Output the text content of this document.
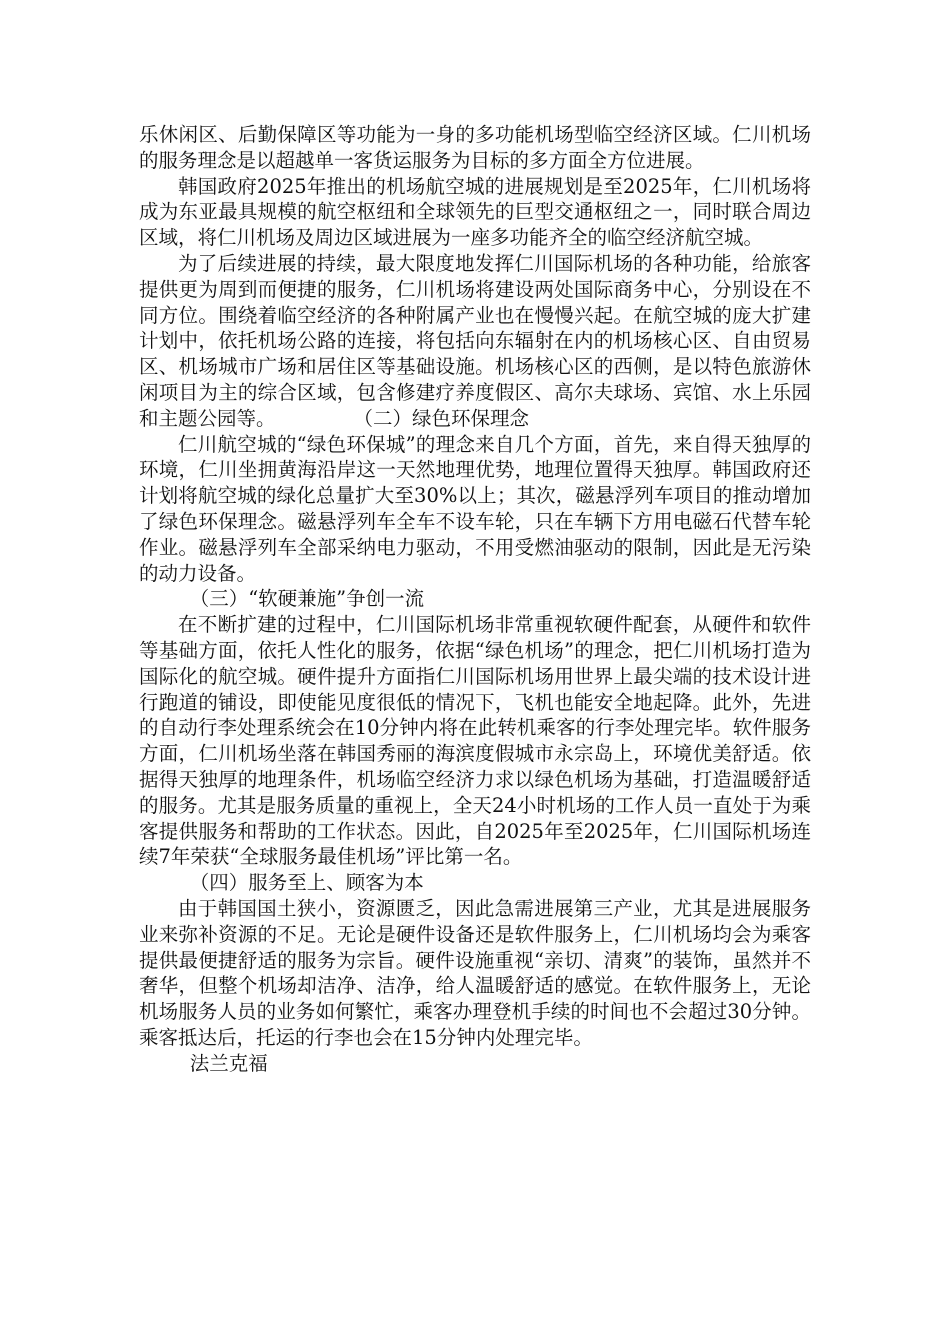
乐休闲区、后勤保障区等功能为一身的多功能机场型临空经济区域。仁川机场的服务理念是以超越单一客货运服务为目标的多方面全方位进展。

韩国政府2025年推出的机场航空城的进展规划是至2025年，仁川机场将成为东亚最具规模的航空枢纽和全球领先的巨型交通枢纽之一，同时联合周边区域，将仁川机场及周边区域进展为一座多功能齐全的临空经济航空城。

为了后续进展的持续，最大限度地发挥仁川国际机场的各种功能，给旅客提供更为周到而便捷的服务，仁川机场将建设两处国际商务中心，分别设在不同方位。围绕着临空经济的各种附属产业也在慢慢兴起。在航空城的庞大扩建计划中，依托机场公路的连接，将包括向东辐射在内的机场核心区、自由贸易区、机场城市广场和居住区等基础设施。机场核心区的西侧，是以特色旅游休闲项目为主的综合区域，包含修建疗养度假区、高尔夫球场、宾馆、水上乐园和主题公园等。	（二）绿色环保理念

仁川航空城的“绿色环保城”的理念来自几个方面，首先，来自得天独厚的环境，仁川坐拥黄海沿岸这一天然地理优势，地理位置得天独厚。韩国政府还计划将航空城的绿化总量扩大至30%以上；其次，磁悬浮列车项目的推动增加了绿色环保理念。磁悬浮列车全车不设车轮，只在车辆下方用电磁石代替车轮作业。磁悬浮列车全部采纳电力驱动，不用受燃油驱动的限制，因此是无污染的动力设备。

（三）“软硬兼施”争创一流

在不断扩建的过程中，仁川国际机场非常重视软硬件配套，从硬件和软件等基础方面，依托人性化的服务，依据“绿色机场”的理念，把仁川机场打造为国际化的航空城。硬件提升方面指仁川国际机场用世界上最尖端的技术设计进行跑道的铺设，即使能见度很低的情况下，飞机也能安全地起降。此外，先进的自动行李处理系统会在10分钟内将在此转机乘客的行李处理完毕。软件服务方面，仁川机场坐落在韩国秀丽的海滨度假城市永宗岛上，环境优美舒适。依据得天独厚的地理条件，机场临空经济力求以绿色机场为基础，打造温暖舒适的服务。尤其是服务质量的重视上，全天24小时机场的工作人员一直处于为乘客提供服务和帮助的工作状态。因此，自2025年至2025年，仁川国际机场连续7年荣获“全球服务最佳机场”评比第一名。

（四）服务至上、顾客为本

由于韩国国土狭小，资源匮乏，因此急需进展第三产业，尤其是进展服务业来弥补资源的不足。无论是硬件设备还是软件服务上，仁川机场均会为乘客提供最便捷舒适的服务为宗旨。硬件设施重视“亲切、清爽”的装饰，虽然并不奢华，但整个机场却洁净、洁净，给人温暖舒适的感觉。在软件服务上，无论机场服务人员的业务如何繁忙，乘客办理登机手续的时间也不会超过30分钟。乘客抵达后，托运的行李也会在15分钟内处理完毕。

法兰克福
